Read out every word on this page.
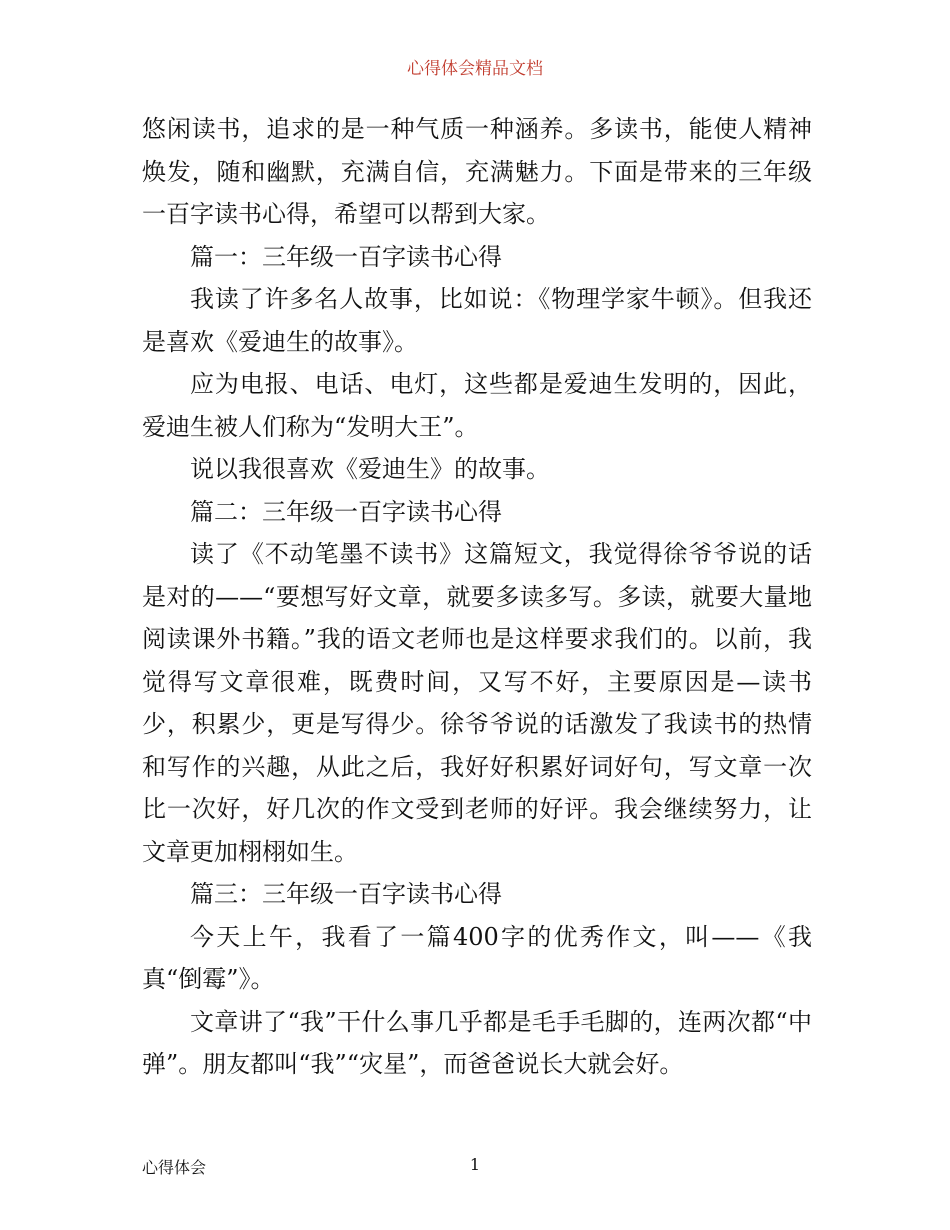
心得体会精品文档

悠闲读书，追求的是一种气质一种涵养。多读书，能使人精神焕发，随和幽默，充满自信，充满魅力。下面是带来的三年级一百字读书心得，希望可以帮到大家。

篇一：三年级一百字读书心得

我读了许多名人故事，比如说：《物理学家牛顿》。但我还是喜欢《爱迪生的故事》。

应为电报、电话、电灯，这些都是爱迪生发明的，因此，爱迪生被人们称为“发明大王”。

说以我很喜欢《爱迪生》的故事。

篇二：三年级一百字读书心得

读了《不动笔墨不读书》这篇短文，我觉得徐爷爷说的话是对的——“要想写好文章，就要多读多写。多读，就要大量地阅读课外书籍。”我的语文老师也是这样要求我们的。以前，我觉得写文章很难，既费时间，又写不好，主要原因是—读书少，积累少，更是写得少。徐爷爷说的话激发了我读书的热情和写作的兴趣，从此之后，我好好积累好词好句，写文章一次比一次好，好几次的作文受到老师的好评。我会继续努力，让文章更加栩栩如生。

篇三：三年级一百字读书心得

今天上午，我看了一篇400字的优秀作文，叫——《我真“倒霉”》。

文章讲了“我”干什么事几乎都是毛手毛脚的，连两次都“中弹”。朋友都叫“我”“灾星”，而爸爸说长大就会好。

心得体会	1
